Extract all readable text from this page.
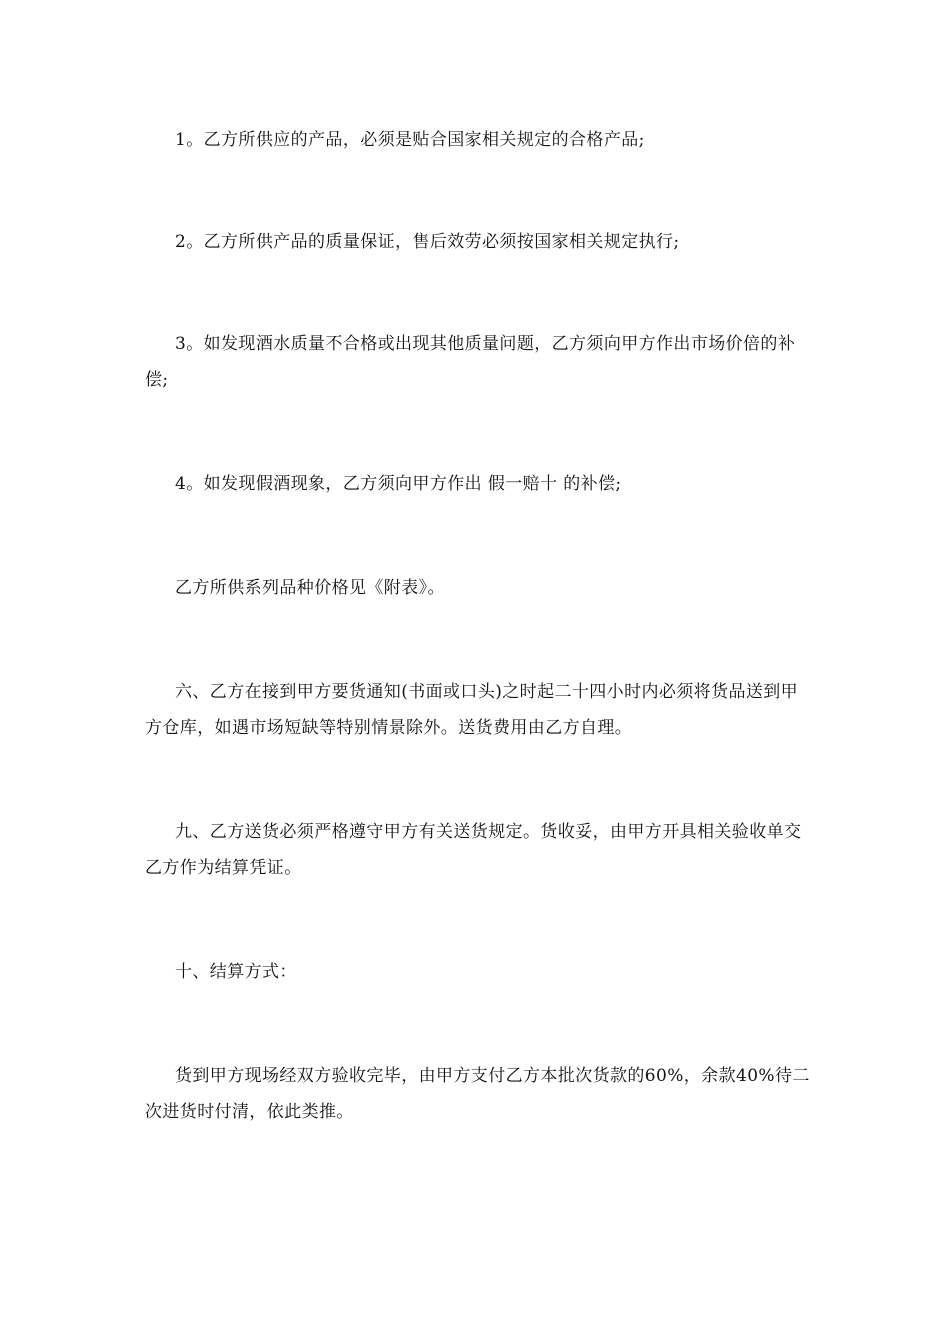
1。乙方所供应的产品，必须是贴合国家相关规定的合格产品;

2。乙方所供产品的质量保证，售后效劳必须按国家相关规定执行;

3。如发现酒水质量不合格或出现其他质量问题，乙方须向甲方作出市场价倍的补偿;

4。如发现假酒现象，乙方须向甲方作出 假一赔十 的补偿;

乙方所供系列品种价格见《附表》。

六、乙方在接到甲方要货通知(书面或口头)之时起二十四小时内必须将货品送到甲方仓库，如遇市场短缺等特别情景除外。送货费用由乙方自理。

九、乙方送货必须严格遵守甲方有关送货规定。货收妥，由甲方开具相关验收单交乙方作为结算凭证。

十、结算方式：

货到甲方现场经双方验收完毕，由甲方支付乙方本批次货款的60%，余款40%待二次进货时付清，依此类推。
